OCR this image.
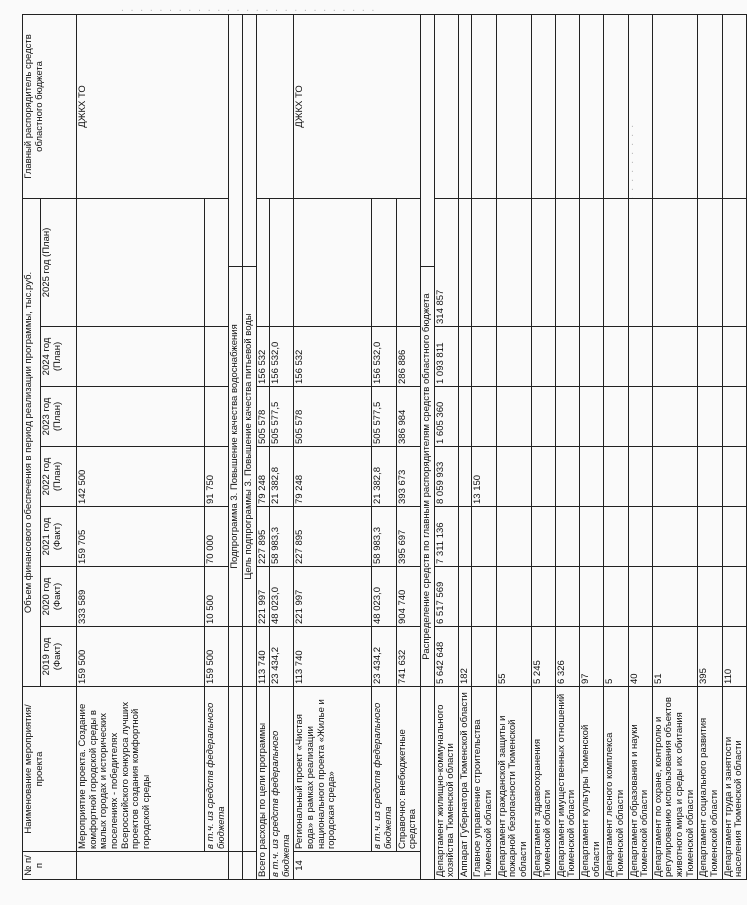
. . . . . . . . . . . . . . . . . . . . . . . . . . .
.
.
.
.
.
.
.
.
.
№ п/п	Наименование мероприятия/проекта	Объем финансового обеспечения в период реализации программы, тыс.руб.								Главный распорядитель средств областного бюджета
		2019 год (Факт)	2020 год (Факт)	2021 год (Факт)	2022 год (План)	2023 год (План)	2024 год (План)	2025 год (План)		
	Мероприятие проекта. Создание комфортной городской среды в малых городах и исторических поселениях - победителях Всероссийского конкурса лучших проектов создания комфортной городской среды	159 500	333 589	159 705	142 500					ДЖКХ ТО
	в т.ч. из средств федерального бюджета	159 500	10 500	70 000	91 750					
			Подпрограмма 3. Повышение качества водоснабжения							
			Цель подпрограммы 3. Повышение качества питьевой воды							
Всего расходы по цели программы		113 740	221 997	227 895	79 248	505 578	156 532			
в т.ч. из средств федерального бюджета		23 434,2	48 023,0	58 983,3	21 382,8	505 577,5	156 532,0			
14	Региональный проект «Чистая вода» в рамках реализации национального проекта «Жилье и городская среда»	113 740	221 997	227 895	79 248	505 578	156 532			ДЖКХ ТО
	в т.ч. из средств федерального бюджета	23 434,2	48 023,0	58 983,3	21 382,8	505 577,5	156 532,0			
	Справочно: внебюджетные средства	741 632	904 740	395 697	393 673	386 984	286 886			
		Распределение средств по главным распорядителям средств областного бюджета								
Департамент жилищно-коммунального хозяйства Тюменской области		5 642 648	6 517 569	7 311 136	8 059 933	1 605 360	1 093 811	314 857		
Аппарат Губернатора Тюменской области		182								
Главное управление строительства Тюменской области					13 150					
Департамент гражданской защиты и пожарной безопасности Тюменской области		55								
Департамент здравоохранения Тюменской области		5 245								
Департамент имущественных отношений Тюменской области		6 326								
Департамент культуры Тюменской области		97								
Департамент лесного комплекса Тюменской области		5								
Департамент образования и науки Тюменской области		40								
Департамент по охране, контролю и регулированию использования объектов животного мира и среды их обитания Тюменской области		51								
Департамент социального развития Тюменской области		395								
Департамент труда и занятости населения Тюменской области		110								
